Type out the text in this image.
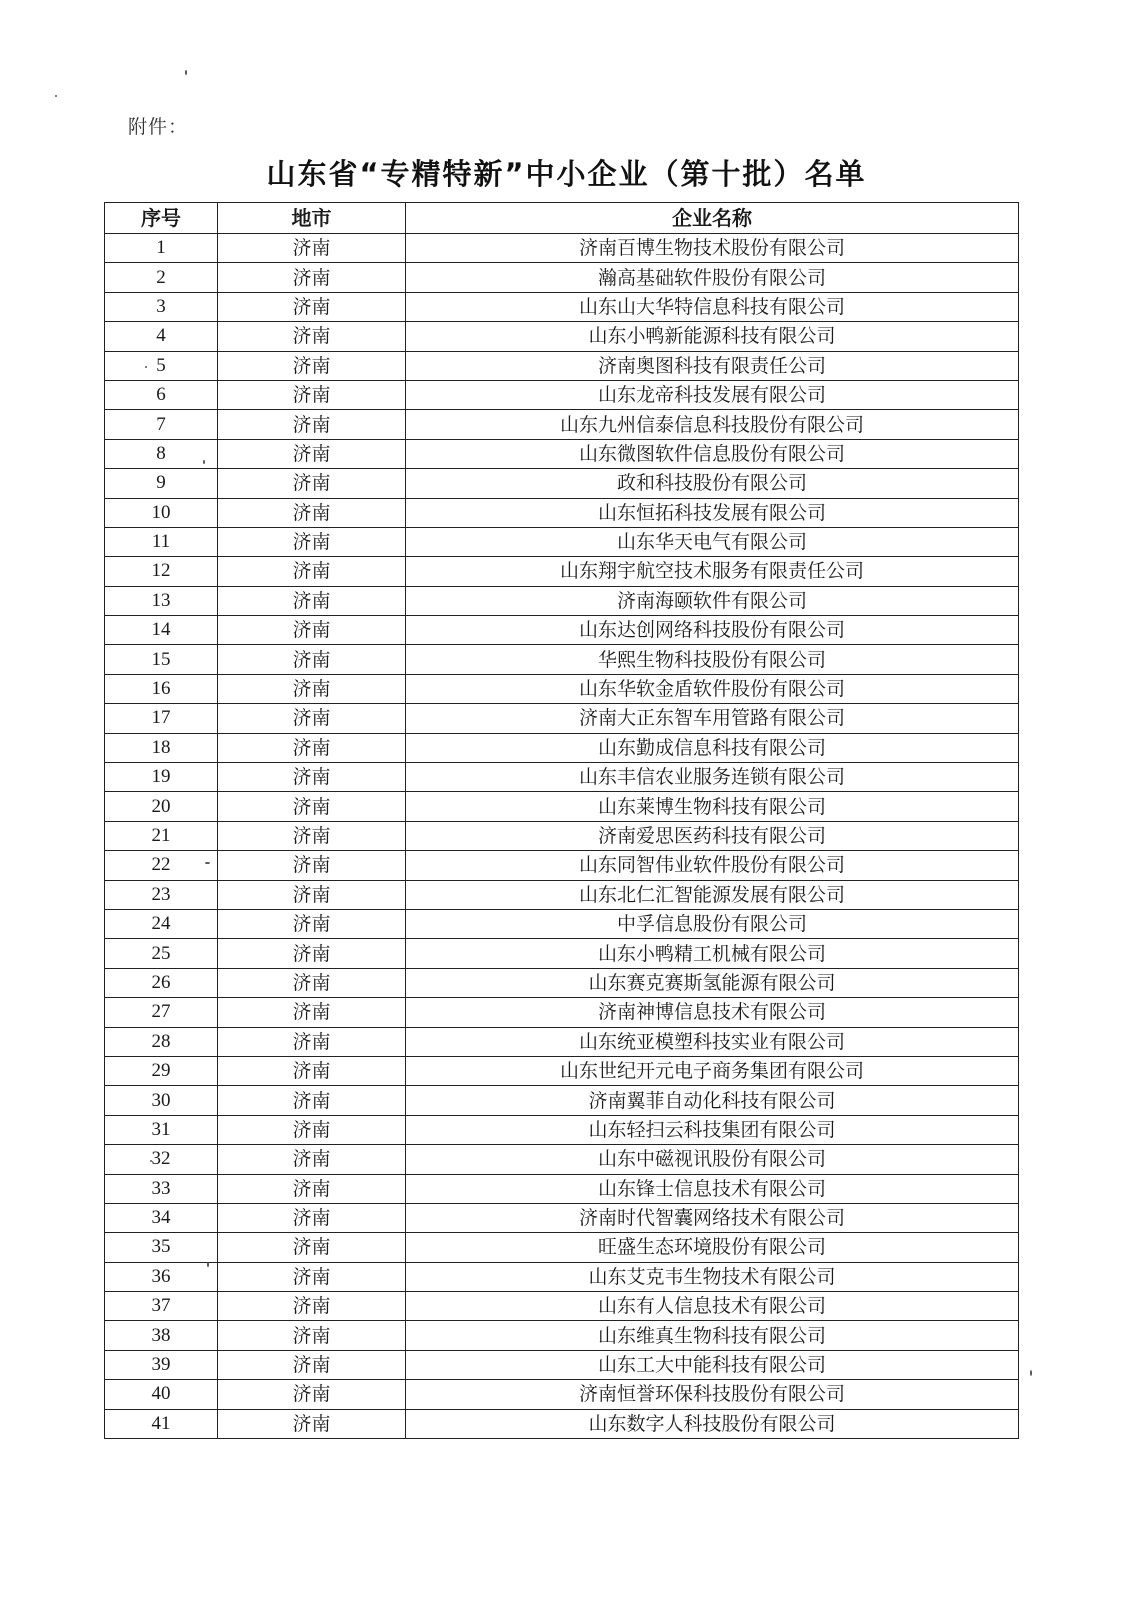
附件：
山东省“专精特新”中小企业（第十批）名单
序号	地市	企业名称
1	济南	济南百博生物技术股份有限公司
2	济南	瀚高基础软件股份有限公司
3	济南	山东山大华特信息科技有限公司
4	济南	山东小鸭新能源科技有限公司
5	济南	济南奥图科技有限责任公司
6	济南	山东龙帝科技发展有限公司
7	济南	山东九州信泰信息科技股份有限公司
8	济南	山东微图软件信息股份有限公司
9	济南	政和科技股份有限公司
10	济南	山东恒拓科技发展有限公司
11	济南	山东华天电气有限公司
12	济南	山东翔宇航空技术服务有限责任公司
13	济南	济南海颐软件有限公司
14	济南	山东达创网络科技股份有限公司
15	济南	华熙生物科技股份有限公司
16	济南	山东华软金盾软件股份有限公司
17	济南	济南大正东智车用管路有限公司
18	济南	山东勤成信息科技有限公司
19	济南	山东丰信农业服务连锁有限公司
20	济南	山东莱博生物科技有限公司
21	济南	济南爱思医药科技有限公司
22	济南	山东同智伟业软件股份有限公司
23	济南	山东北仁汇智能源发展有限公司
24	济南	中孚信息股份有限公司
25	济南	山东小鸭精工机械有限公司
26	济南	山东赛克赛斯氢能源有限公司
27	济南	济南神博信息技术有限公司
28	济南	山东统亚模塑科技实业有限公司
29	济南	山东世纪开元电子商务集团有限公司
30	济南	济南翼菲自动化科技有限公司
31	济南	山东轻扫云科技集团有限公司
32	济南	山东中磁视讯股份有限公司
33	济南	山东锋士信息技术有限公司
34	济南	济南时代智囊网络技术有限公司
35	济南	旺盛生态环境股份有限公司
36	济南	山东艾克韦生物技术有限公司
37	济南	山东有人信息技术有限公司
38	济南	山东维真生物科技有限公司
39	济南	山东工大中能科技有限公司
40	济南	济南恒誉环保科技股份有限公司
41	济南	山东数字人科技股份有限公司
